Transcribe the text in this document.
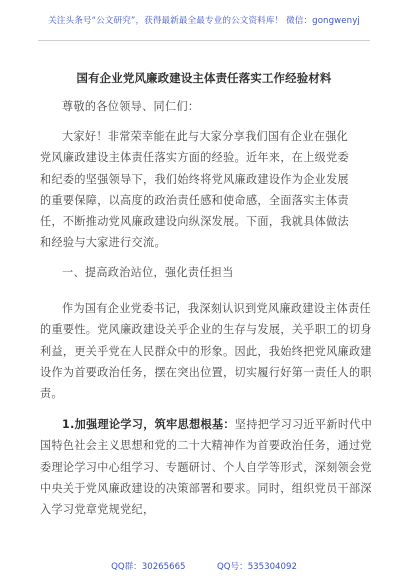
关注头条号“公文研究”，获得最新最全最专业的公文资料库！ 微信：gongwenyj
国有企业党风廉政建设主体责任落实工作经验材料
尊敬的各位领导、同仁们：
大家好！非常荣幸能在此与大家分享我们国有企业在强化党风廉政建设主体责任落实方面的经验。近年来，在上级党委和纪委的坚强领导下，我们始终将党风廉政建设作为企业发展的重要保障，以高度的政治责任感和使命感，全面落实主体责任，不断推动党风廉政建设向纵深发展。下面，我就具体做法和经验与大家进行交流。
一、提高政治站位，强化责任担当
作为国有企业党委书记，我深刻认识到党风廉政建设主体责任的重要性。党风廉政建设关乎企业的生存与发展，关乎职工的切身利益，更关乎党在人民群众中的形象。因此，我始终把党风廉政建设作为首要政治任务，摆在突出位置，切实履行好第一责任人的职责。
1.加强理论学习，筑牢思想根基：坚持把学习习近平新时代中国特色社会主义思想和党的二十大精神作为首要政治任务，通过党委理论学习中心组学习、专题研讨、个人自学等形式，深刻领会党中央关于党风廉政建设的决策部署和要求。同时，组织党员干部深入学习党章党规党纪，
QQ群：30265665	QQ号：535304092
